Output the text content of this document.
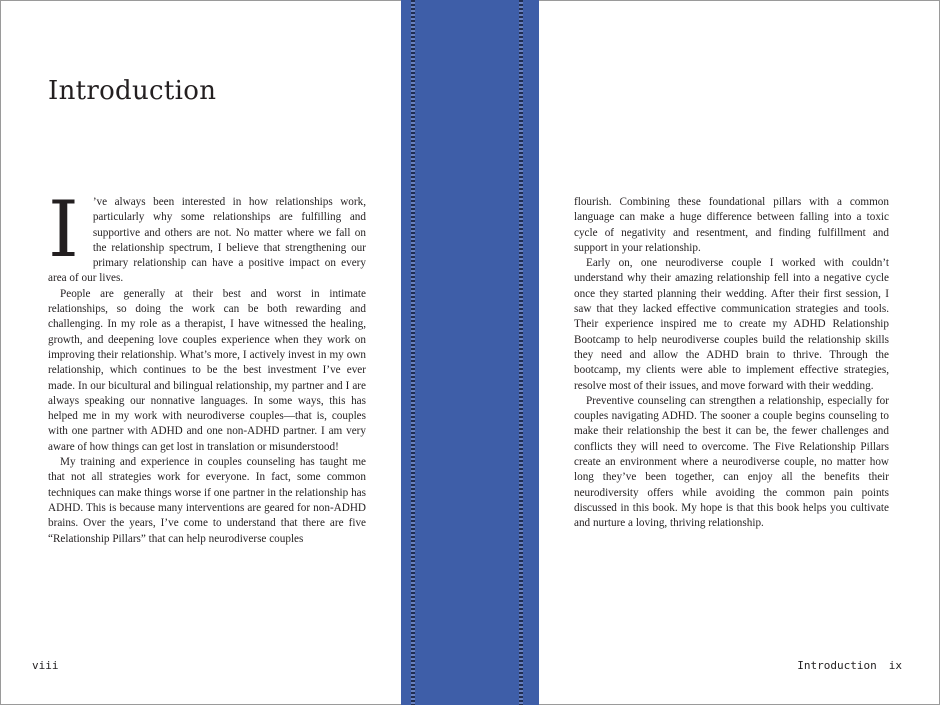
Introduction

I ’ve always been interested in how relationships work, particularly why some relationships are fulfilling and supportive and others are not. No matter where we fall on the relationship spectrum, I believe that strengthening our primary relationship can have a positive impact on every area of our lives.

People are generally at their best and worst in intimate relationships, so doing the work can be both rewarding and challenging. In my role as a therapist, I have witnessed the healing, growth, and deepening love couples experience when they work on improving their relationship. What’s more, I actively invest in my own relationship, which continues to be the best investment I’ve ever made. In our bicultural and bilingual relationship, my partner and I are always speaking our nonnative languages. In some ways, this has helped me in my work with neurodiverse couples—that is, couples with one partner with ADHD and one non-ADHD partner. I am very aware of how things can get lost in translation or misunderstood!

My training and experience in couples counseling has taught me that not all strategies work for everyone. In fact, some common techniques can make things worse if one partner in the relationship has ADHD. This is because many interventions are geared for non-ADHD brains. Over the years, I’ve come to understand that there are five “Relationship Pillars” that can help neurodiverse couples

viii

flourish. Combining these foundational pillars with a common language can make a huge difference between falling into a toxic cycle of negativity and resentment, and finding fulfillment and support in your relationship.

Early on, one neurodiverse couple I worked with couldn’t understand why their amazing relationship fell into a negative cycle once they started planning their wedding. After their first session, I saw that they lacked effective communication strategies and tools. Their experience inspired me to create my ADHD Relationship Bootcamp to help neurodiverse couples build the relationship skills they need and allow the ADHD brain to thrive. Through the bootcamp, my clients were able to implement effective strategies, resolve most of their issues, and move forward with their wedding.

Preventive counseling can strengthen a relationship, especially for couples navigating ADHD. The sooner a couple begins counseling to make their relationship the best it can be, the fewer challenges and conflicts they will need to overcome. The Five Relationship Pillars create an environment where a neurodiverse couple, no matter how long they’ve been together, can enjoy all the benefits their neurodiversity offers while avoiding the common pain points discussed in this book. My hope is that this book helps you cultivate and nurture a loving, thriving relationship.

Introduction ix
